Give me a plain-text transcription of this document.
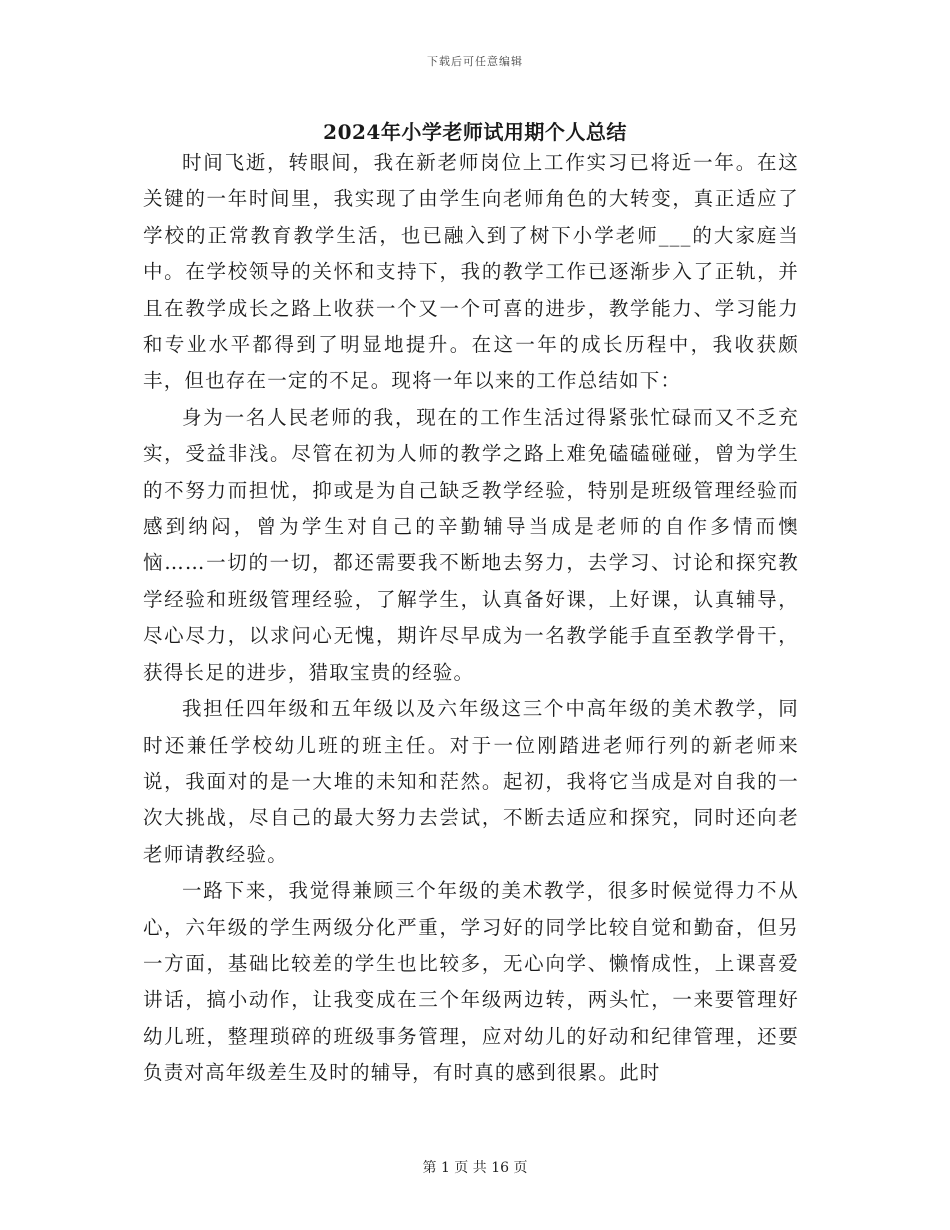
下载后可任意编辑
2024年小学老师试用期个人总结

时间飞逝，转眼间，我在新老师岗位上工作实习已将近一年。在这关键的一年时间里，我实现了由学生向老师角色的大转变，真正适应了学校的正常教育教学生活，也已融入到了树下小学老师___的大家庭当中。在学校领导的关怀和支持下，我的教学工作已逐渐步入了正轨，并且在教学成长之路上收获一个又一个可喜的进步，教学能力、学习能力和专业水平都得到了明显地提升。在这一年的成长历程中，我收获颇丰，但也存在一定的不足。现将一年以来的工作总结如下：

身为一名人民老师的我，现在的工作生活过得紧张忙碌而又不乏充实，受益非浅。尽管在初为人师的教学之路上难免磕磕碰碰，曾为学生的不努力而担忧，抑或是为自己缺乏教学经验，特别是班级管理经验而感到纳闷，曾为学生对自己的辛勤辅导当成是老师的自作多情而懊恼……一切的一切，都还需要我不断地去努力，去学习、讨论和探究教学经验和班级管理经验，了解学生，认真备好课，上好课，认真辅导，尽心尽力，以求问心无愧，期许尽早成为一名教学能手直至教学骨干，获得长足的进步，猎取宝贵的经验。

我担任四年级和五年级以及六年级这三个中高年级的美术教学，同时还兼任学校幼儿班的班主任。对于一位刚踏进老师行列的新老师来说，我面对的是一大堆的未知和茫然。起初，我将它当成是对自我的一次大挑战，尽自己的最大努力去尝试，不断去适应和探究，同时还向老老师请教经验。

一路下来，我觉得兼顾三个年级的美术教学，很多时候觉得力不从心，六年级的学生两级分化严重，学习好的同学比较自觉和勤奋，但另一方面，基础比较差的学生也比较多，无心向学、懒惰成性，上课喜爱讲话，搞小动作，让我变成在三个年级两边转，两头忙，一来要管理好幼儿班，整理琐碎的班级事务管理，应对幼儿的好动和纪律管理，还要负责对高年级差生及时的辅导，有时真的感到很累。此时

第 1 页 共 16 页
